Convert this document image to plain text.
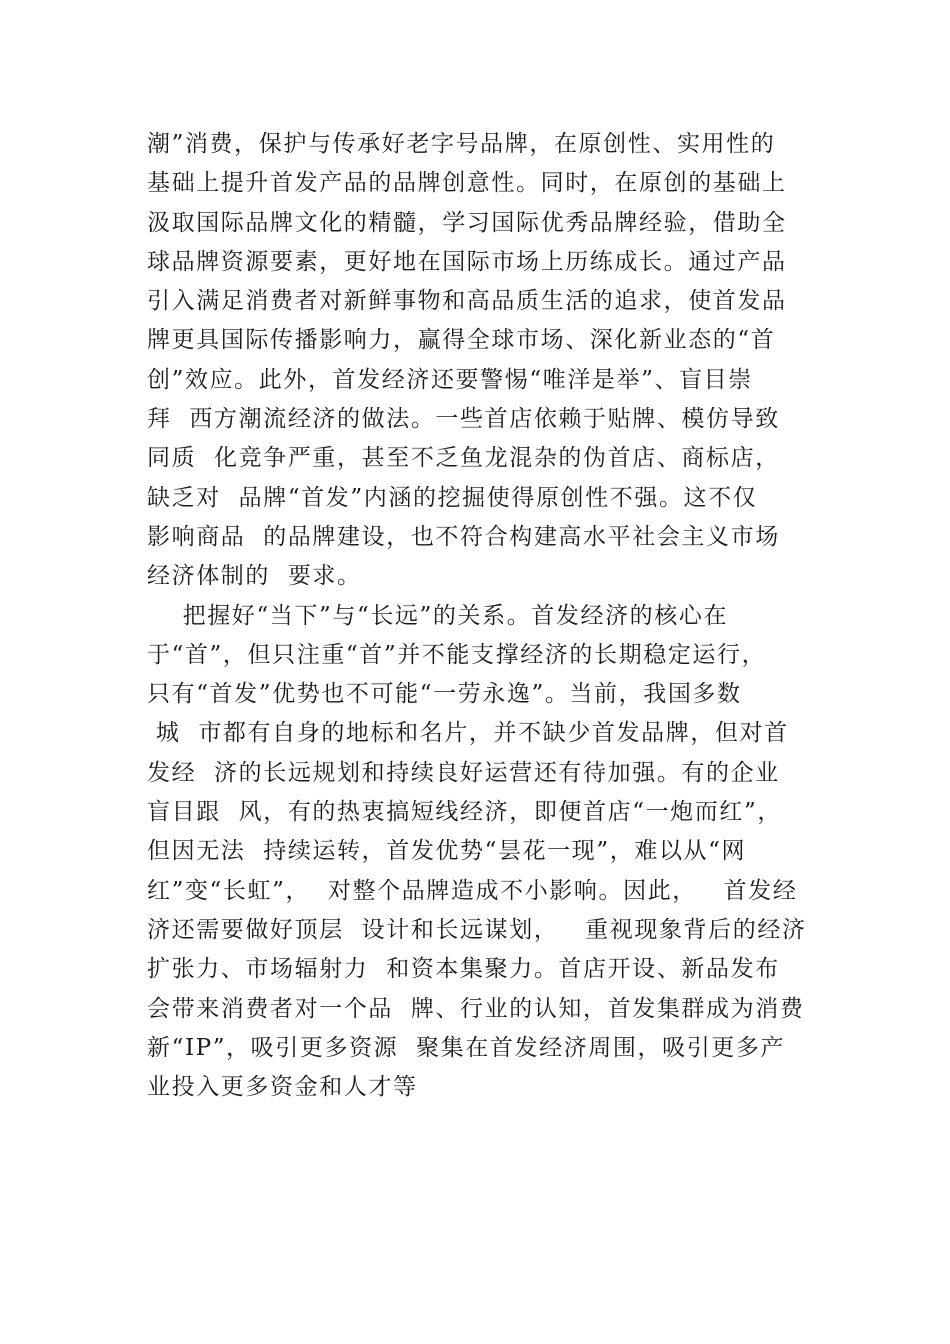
潮”消费，保护与传承好老字号品牌，在原创性、实用性的
基础上提升首发产品的品牌创意性。同时，在原创的基础上
汲取国际品牌文化的精髓，学习国际优秀品牌经验，借助全
球品牌资源要素，更好地在国际市场上历练成长。通过产品
引入满足消费者对新鲜事物和高品质生活的追求，使首发品
牌更具国际传播影响力，赢得全球市场、深化新业态的“首
创”效应。此外，首发经济还要警惕“唯洋是举”、盲目崇
拜  西方潮流经济的做法。一些首店依赖于贴牌、模仿导致
同质  化竞争严重，甚至不乏鱼龙混杂的伪首店、商标店，
缺乏对  品牌“首发”内涵的挖掘使得原创性不强。这不仅
影响商品  的品牌建设，也不符合构建高水平社会主义市场
经济体制的  要求。
把握好“当下”与“长远”的关系。首发经济的核心在
于“首”，但只注重“首”并不能支撑经济的长期稳定运行，
只有“首发”优势也不可能“一劳永逸”。当前，我国多数
城  市都有自身的地标和名片，并不缺少首发品牌，但对首
发经  济的长远规划和持续良好运营还有待加强。有的企业
盲目跟  风，有的热衷搞短线经济，即便首店“一炮而红”，
但因无法  持续运转，首发优势“昙花一现”，难以从“网
红”变“长虹”，  对整个品牌造成不小影响。因此，   首发经
济还需要做好顶层  设计和长远谋划，   重视现象背后的经济
扩张力、市场辐射力  和资本集聚力。首店开设、新品发布
会带来消费者对一个品  牌、行业的认知，首发集群成为消费
新“IP”，吸引更多资源  聚集在首发经济周围，吸引更多产
业投入更多资金和人才等
